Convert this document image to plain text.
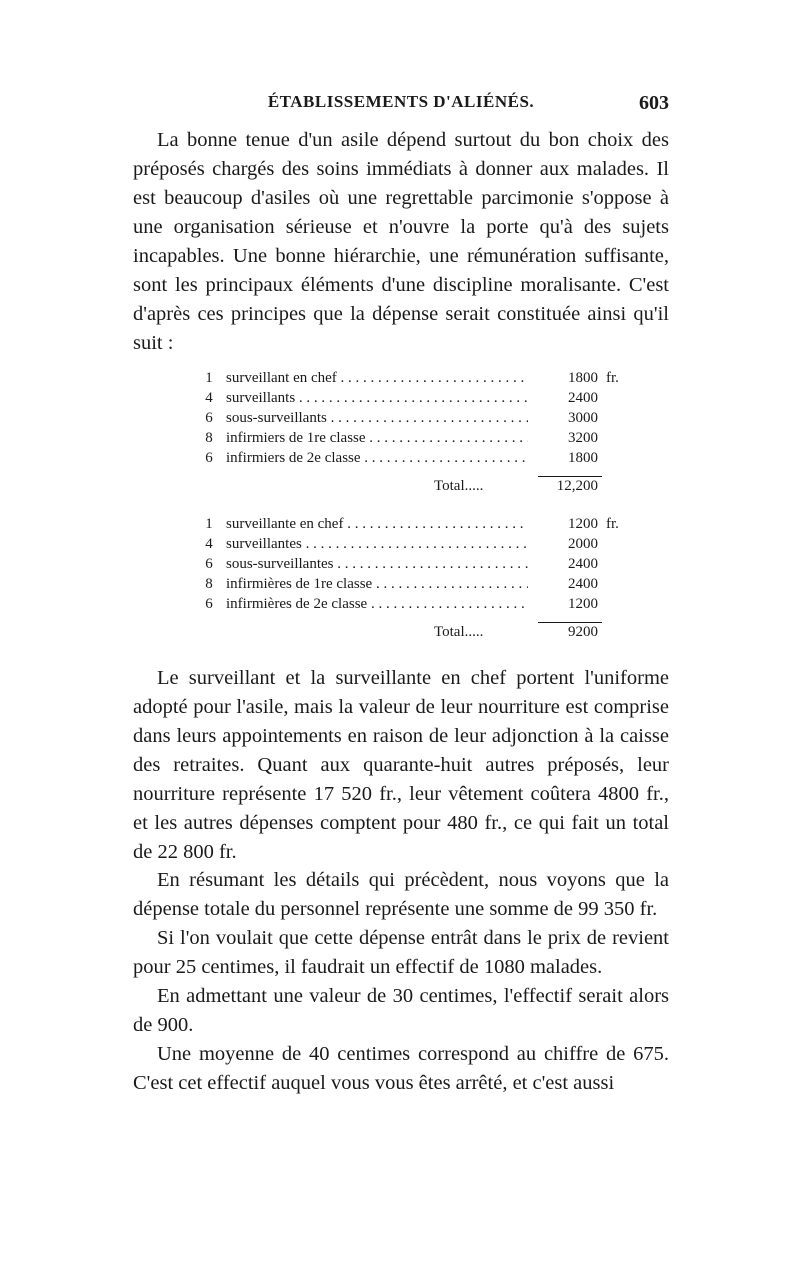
ÉTABLISSEMENTS D'ALIÉNÉS.	603

La bonne tenue d'un asile dépend surtout du bon choix des préposés chargés des soins immédiats à donner aux malades. Il est beaucoup d'asiles où une regrettable parcimonie s'oppose à une organisation sérieuse et n'ouvre la porte qu'à des sujets incapables. Une bonne hiérarchie, une rémunération suffisante, sont les principaux éléments d'une discipline moralisante. C'est d'après ces principes que la dépense serait constituée ainsi qu'il suit :

1 surveillant en chef . . .	1800 fr.
4 surveillants . . .	2400
6 sous-surveillants . . .	3000
8 infirmiers de 1re classe . . .	3200
6 infirmiers de 2e classe . . .	1800
Total.....	12,200
1 surveillante en chef . . .	1200 fr.
4 surveillantes . . .	2000
6 sous-surveillantes . . .	2400
8 infirmières de 1re classe . . .	2400
6 infirmières de 2e classe . . .	1200
Total.....	9200

Le surveillant et la surveillante en chef portent l'uniforme adopté pour l'asile, mais la valeur de leur nourriture est comprise dans leurs appointements en raison de leur adjonction à la caisse des retraites. Quant aux quarante-huit autres préposés, leur nourriture représente 17 520 fr., leur vêtement coûtera 4800 fr., et les autres dépenses comptent pour 480 fr., ce qui fait un total de 22 800 fr.

En résumant les détails qui précèdent, nous voyons que la dépense totale du personnel représente une somme de 99 350 fr.

Si l'on voulait que cette dépense entrât dans le prix de revient pour 25 centimes, il faudrait un effectif de 1080 malades.

En admettant une valeur de 30 centimes, l'effectif serait alors de 900.

Une moyenne de 40 centimes correspond au chiffre de 675. C'est cet effectif auquel vous vous êtes arrêté, et c'est aussi
